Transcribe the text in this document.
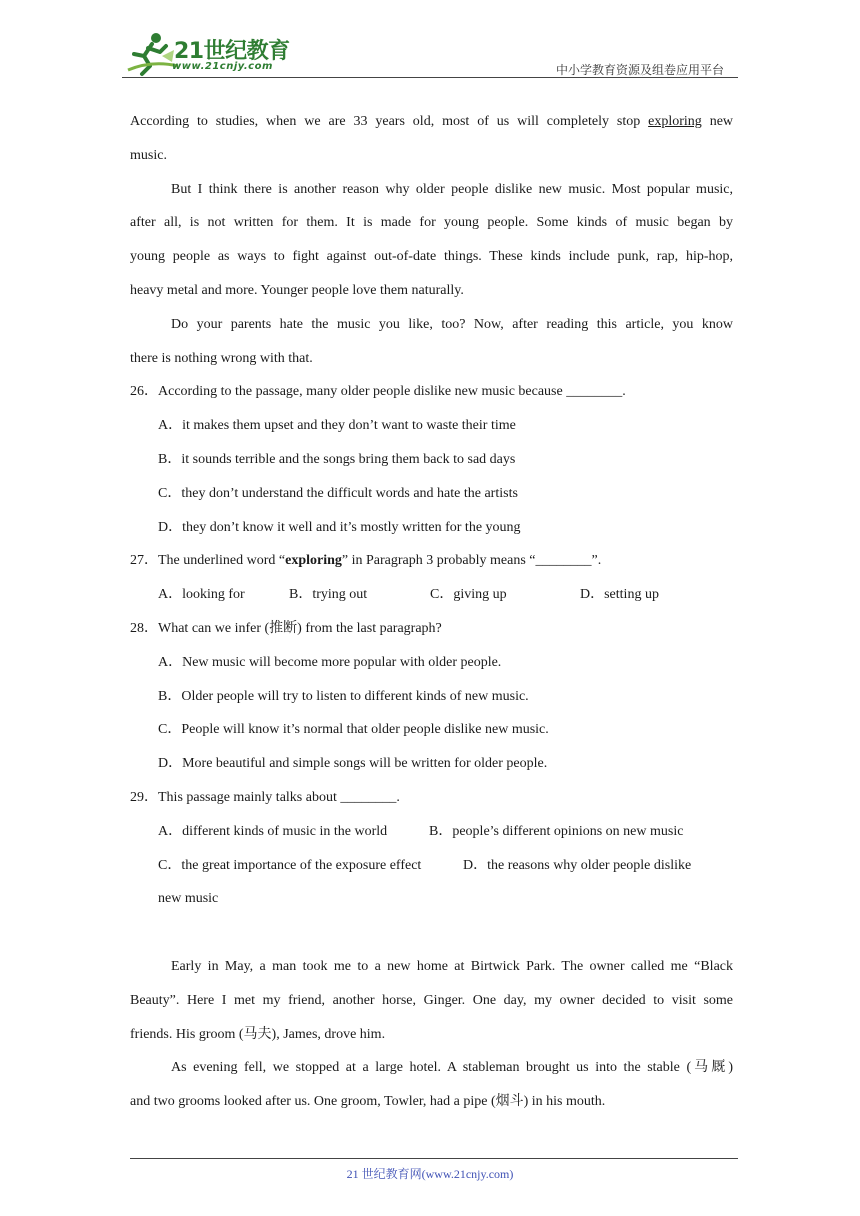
21世纪教育
www.21cnjy.com	中小学教育资源及组卷应用平台
According to studies, when we are 33 years old, most of us will completely stop exploring new
music.
But I think there is another reason why older people dislike new music. Most popular music,
after all, is not written for them. It is made for young people. Some kinds of music began by
young people as ways to fight against out-of-date things. These kinds include punk, rap, hip-hop,
heavy metal and more. Younger people love them naturally.
Do your parents hate the music you like, too? Now, after reading this article, you know
there is nothing wrong with that.
26．According to the passage, many older people dislike new music because ________.
A．it makes them upset and they don’t want to waste their time
B．it sounds terrible and the songs bring them back to sad days
C．they don’t understand the difficult words and hate the artists
D．they don’t know it well and it’s mostly written for the young
27．The underlined word “exploring” in Paragraph 3 probably means “________”.
A．looking for	B．trying out	C．giving up	D．setting up
28．What can we infer (推断) from the last paragraph?
A．New music will become more popular with older people.
B．Older people will try to listen to different kinds of new music.
C．People will know it’s normal that older people dislike new music.
D．More beautiful and simple songs will be written for older people.
29．This passage mainly talks about ________.
A．different kinds of music in the world	B．people’s different opinions on new music
C．the great importance of the exposure effect	D．the reasons why older people dislike
new music
Early in May, a man took me to a new home at Birtwick Park. The owner called me “Black
Beauty”. Here I met my friend, another horse, Ginger. One day, my owner decided to visit some
friends. His groom (马夫), James, drove him.
As evening fell, we stopped at a large hotel. A stableman brought us into the stable (马厩)
and two grooms looked after us. One groom, Towler, had a pipe (烟斗) in his mouth.
21 世纪教育网(www.21cnjy.com)
